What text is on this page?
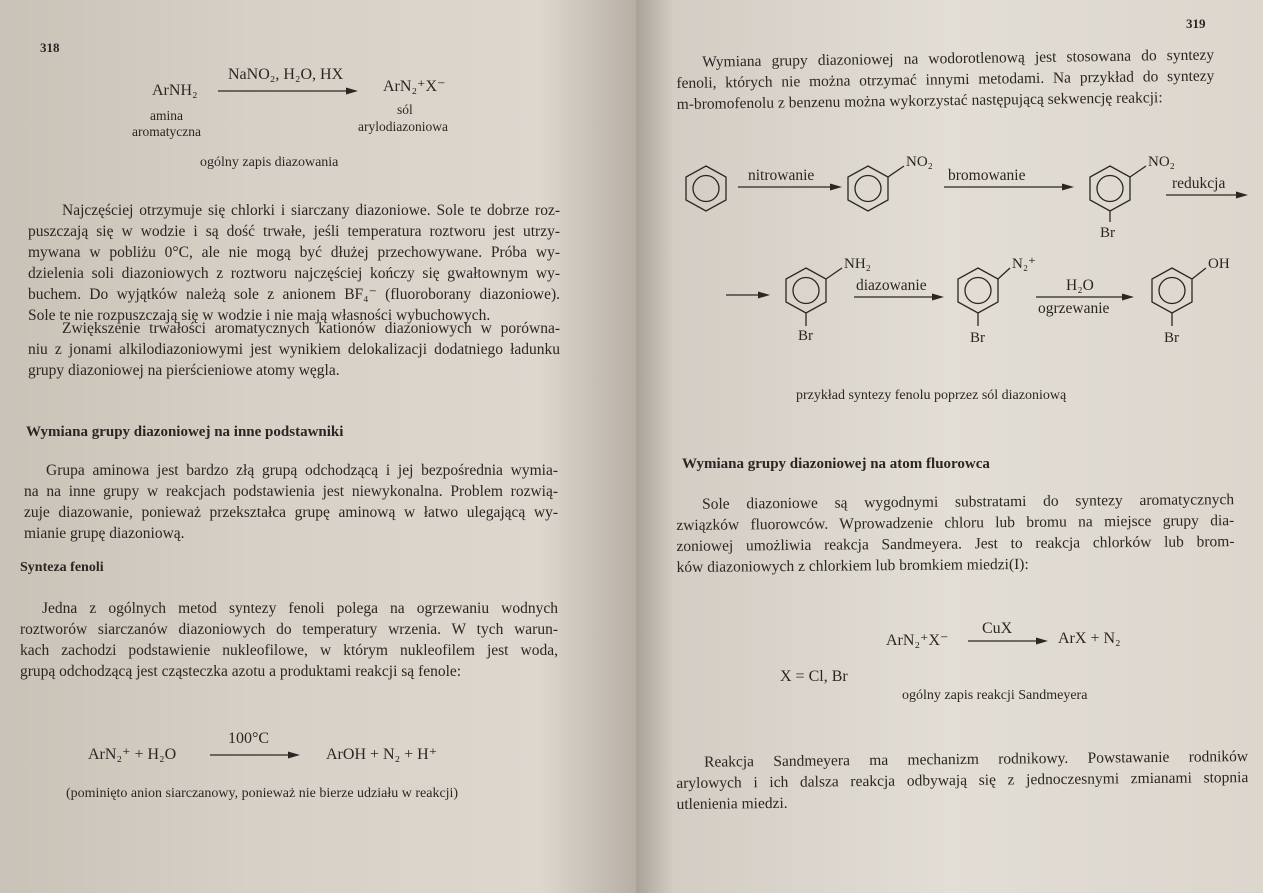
318
ArNH₂
NaNO₂, H₂O, HX
ArN₂⁺X⁻
amina
aromatyczna
sól
arylodiazoniowa
ogólny zapis diazowania
Najczęściej otrzymuje się chlorki i siarczany diazoniowe. Sole te dobrze roz-
puszczają się w wodzie i są dość trwałe, jeśli temperatura roztworu jest utrzy-
mywana w pobliżu 0°C, ale nie mogą być dłużej przechowywane. Próba wy-
dzielenia soli diazoniowych z roztworu najczęściej kończy się gwałtownym wy-
buchem. Do wyjątków należą sole z anionem BF₄⁻ (fluoroborany diazoniowe).
Sole te nie rozpuszczają się w wodzie i nie mają własności wybuchowych.
Zwiększenie trwałości aromatycznych kationów diazoniowych w porówna-
niu z jonami alkilodiazoniowymi jest wynikiem delokalizacji dodatniego ładunku
grupy diazoniowej na pierścieniowe atomy węgla.
Wymiana grupy diazoniowej na inne podstawniki
Grupa aminowa jest bardzo złą grupą odchodzącą i jej bezpośrednia wymia-
na na inne grupy w reakcjach podstawienia jest niewykonalna. Problem rozwią-
zuje diazowanie, ponieważ przekształca grupę aminową w łatwo ulegającą wy-
mianie grupę diazoniową.
Synteza fenoli
Jedna z ogólnych metod syntezy fenoli polega na ogrzewaniu wodnych
roztworów siarczanów diazoniowych do temperatury wrzenia. W tych warun-
kach zachodzi podstawienie nukleofilowe, w którym nukleofilem jest woda,
grupą odchodzącą jest cząsteczka azotu a produktami reakcji są fenole:
ArN₂⁺ + H₂O
100°C
ArOH + N₂ + H⁺
(pominięto anion siarczanowy, ponieważ nie bierze udziału w reakcji)
319
Wymiana grupy diazoniowej na wodorotlenową jest stosowana do syntezy
fenoli, których nie można otrzymać innymi metodami. Na przykład do syntezy
m-bromofenolu z benzenu można wykorzystać następującą sekwencję reakcji:
nitrowanie
NO₂
bromowanie
NO₂
Br
redukcja
NH₂
Br
diazowanie
N₂⁺
Br
H₂O
ogrzewanie
OH
Br
przykład syntezy fenolu poprzez sól diazoniową
Wymiana grupy diazoniowej na atom fluorowca
Sole diazoniowe są wygodnymi substratami do syntezy aromatycznych
związków fluorowców. Wprowadzenie chloru lub bromu na miejsce grupy dia-
zoniowej umożliwia reakcja Sandmeyera. Jest to reakcja chlorków lub brom-
ków diazoniowych z chlorkiem lub bromkiem miedzi(I):
ArN₂⁺X⁻
CuX
ArX + N₂
X = Cl, Br
ogólny zapis reakcji Sandmeyera
Reakcja Sandmeyera ma mechanizm rodnikowy. Powstawanie rodników
arylowych i ich dalsza reakcja odbywają się z jednoczesnymi zmianami stopnia
utlenienia miedzi.
